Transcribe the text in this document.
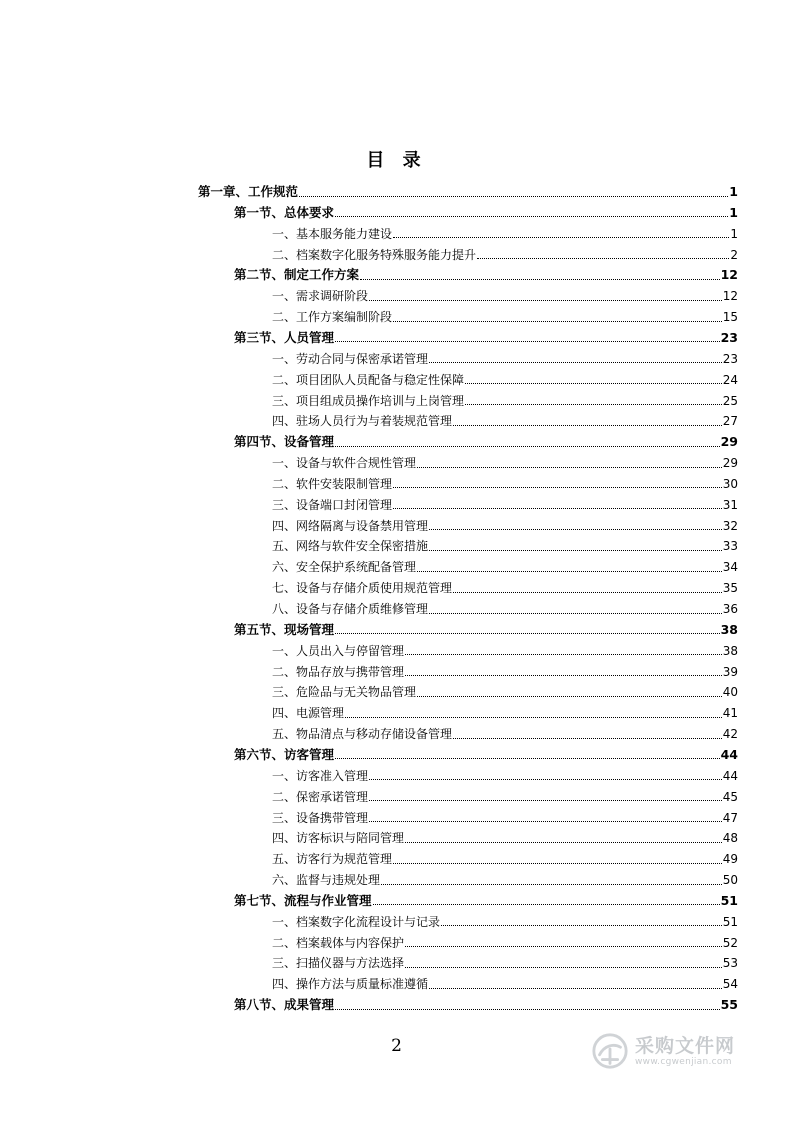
目 录
第一章、工作规范	1
第一节、总体要求	1
一、基本服务能力建设	1
二、档案数字化服务特殊服务能力提升	2
第二节、制定工作方案	12
一、需求调研阶段	12
二、工作方案编制阶段	15
第三节、人员管理	23
一、劳动合同与保密承诺管理	23
二、项目团队人员配备与稳定性保障	24
三、项目组成员操作培训与上岗管理	25
四、驻场人员行为与着装规范管理	27
第四节、设备管理	29
一、设备与软件合规性管理	29
二、软件安装限制管理	30
三、设备端口封闭管理	31
四、网络隔离与设备禁用管理	32
五、网络与软件安全保密措施	33
六、安全保护系统配备管理	34
七、设备与存储介质使用规范管理	35
八、设备与存储介质维修管理	36
第五节、现场管理	38
一、人员出入与停留管理	38
二、物品存放与携带管理	39
三、危险品与无关物品管理	40
四、电源管理	41
五、物品清点与移动存储设备管理	42
第六节、访客管理	44
一、访客准入管理	44
二、保密承诺管理	45
三、设备携带管理	47
四、访客标识与陪同管理	48
五、访客行为规范管理	49
六、监督与违规处理	50
第七节、流程与作业管理	51
一、档案数字化流程设计与记录	51
二、档案载体与内容保护	52
三、扫描仪器与方法选择	53
四、操作方法与质量标准遵循	54
第八节、成果管理	55
2	采购文件网
www.cgwenjian.com
